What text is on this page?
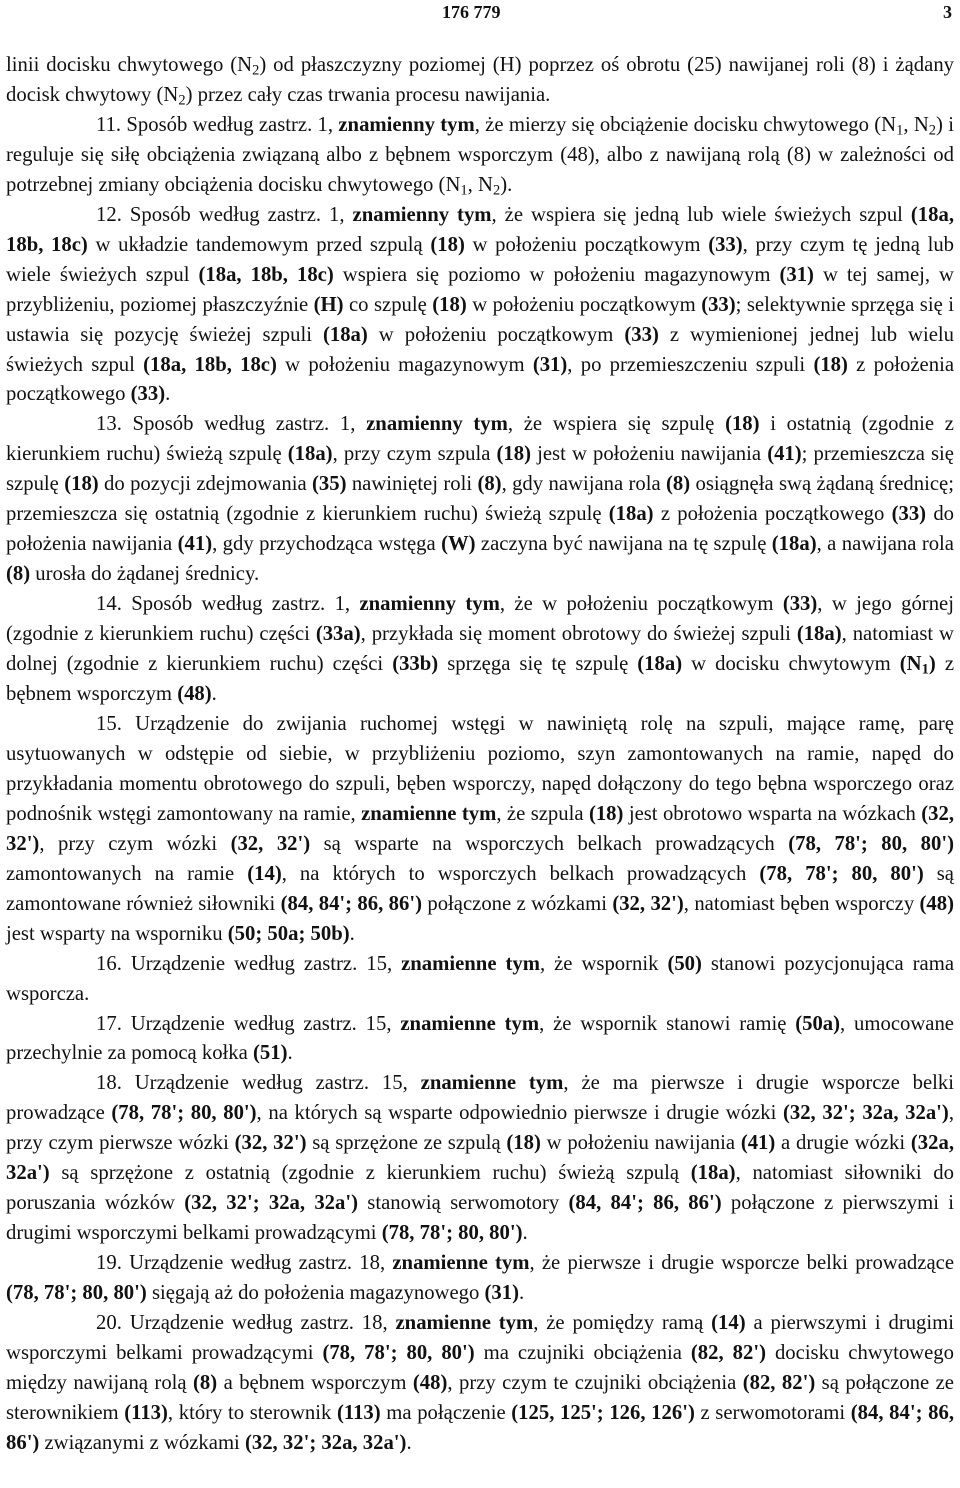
176 779	3

linii docisku chwytowego $(N_2)$ od płaszczyzny poziomej (H) poprzez oś obrotu (25) nawijanej roli (8) i żądany docisk chwytowy $(N_2)$ przez cały czas trwania procesu nawijania.

11. Sposób według zastrz. 1, znamienny tym, że mierzy się obciążenie docisku chwytowego ($N_1$, $N_2$) i reguluje się siłę obciążenia związaną albo z bębnem wsporczym (48), albo z nawijaną rolą (8) w zależności od potrzebnej zmiany obciążenia docisku chwytowego ($N_1$, $N_2$).

12. Sposób według zastrz. 1, znamienny tym, że wspiera się jedną lub wiele świeżych szpul (18a, 18b, 18c) w układzie tandemowym przed szpulą (18) w położeniu początkowym (33), przy czym tę jedną lub wiele świeżych szpul (18a, 18b, 18c) wspiera się poziomo w położeniu magazynowym (31) w tej samej, w przybliżeniu, poziomej płaszczyźnie (H) co szpulę (18) w położeniu początkowym (33); selektywnie sprzęga się i ustawia się pozycję świeżej szpuli (18a) w położeniu początkowym (33) z wymienionej jednej lub wielu świeżych szpul (18a, 18b, 18c) w położeniu magazynowym (31), po przemieszczeniu szpuli (18) z położenia początkowego (33).

13. Sposób według zastrz. 1, znamienny tym, że wspiera się szpulę (18) i ostatnią (zgodnie z kierunkiem ruchu) świeżą szpulę (18a), przy czym szpula (18) jest w położeniu nawijania (41); przemieszcza się szpulę (18) do pozycji zdejmowania (35) nawiniętej roli (8), gdy nawijana rola (8) osiągnęła swą żądaną średnicę; przemieszcza się ostatnią (zgodnie z kierunkiem ruchu) świeżą szpulę (18a) z położenia początkowego (33) do położenia nawijania (41), gdy przychodząca wstęga (W) zaczyna być nawijana na tę szpulę (18a), a nawijana rola (8) urosła do żądanej średnicy.

14. Sposób według zastrz. 1, znamienny tym, że w położeniu początkowym (33), w jego górnej (zgodnie z kierunkiem ruchu) części (33a), przykłada się moment obrotowy do świeżej szpuli (18a), natomiast w dolnej (zgodnie z kierunkiem ruchu) części (33b) sprzęga się tę szpulę (18a) w docisku chwytowym $(N_1)$ z bębnem wsporczym (48).

15. Urządzenie do zwijania ruchomej wstęgi w nawiniętą rolę na szpuli, mające ramę, parę usytuowanych w odstępie od siebie, w przybliżeniu poziomo, szyn zamontowanych na ramie, napęd do przykładania momentu obrotowego do szpuli, bęben wsporczy, napęd dołączony do tego bębna wsporczego oraz podnośnik wstęgi zamontowany na ramie, znamienne tym, że szpula (18) jest obrotowo wsparta na wózkach (32, 32'), przy czym wózki (32, 32') są wsparte na wsporczych belkach prowadzących (78, 78'; 80, 80') zamontowanych na ramie (14), na których to wsporczych belkach prowadzących (78, 78'; 80, 80') są zamontowane również siłowniki (84, 84'; 86, 86') połączone z wózkami (32, 32'), natomiast bęben wsporczy (48) jest wsparty na wsporniku (50; 50a; 50b).

16. Urządzenie według zastrz. 15, znamienne tym, że wspornik (50) stanowi pozycjonująca rama wsporcza.

17. Urządzenie według zastrz. 15, znamienne tym, że wspornik stanowi ramię (50a), umocowane przechylnie za pomocą kołka (51).

18. Urządzenie według zastrz. 15, znamienne tym, że ma pierwsze i drugie wsporcze belki prowadzące (78, 78'; 80, 80'), na których są wsparte odpowiednio pierwsze i drugie wózki (32, 32'; 32a, 32a'), przy czym pierwsze wózki (32, 32') są sprzężone ze szpulą (18) w położeniu nawijania (41) a drugie wózki (32a, 32a') są sprzężone z ostatnią (zgodnie z kierunkiem ruchu) świeżą szpulą (18a), natomiast siłowniki do poruszania wózków (32, 32'; 32a, 32a') stanowią serwomotory (84, 84'; 86, 86') połączone z pierwszymi i drugimi wsporczymi belkami prowadzącymi (78, 78'; 80, 80').

19. Urządzenie według zastrz. 18, znamienne tym, że pierwsze i drugie wsporcze belki prowadzące (78, 78'; 80, 80') sięgają aż do położenia magazynowego (31).

20. Urządzenie według zastrz. 18, znamienne tym, że pomiędzy ramą (14) a pierwszymi i drugimi wsporczymi belkami prowadzącymi (78, 78'; 80, 80') ma czujniki obciążenia (82, 82') docisku chwytowego między nawijaną rolą (8) a bębnem wsporczym (48), przy czym te czujniki obciążenia (82, 82') są połączone ze sterownikiem (113), który to sterownik (113) ma połączenie (125, 125'; 126, 126') z serwomotorami (84, 84'; 86, 86') związanymi z wózkami (32, 32'; 32a, 32a').
